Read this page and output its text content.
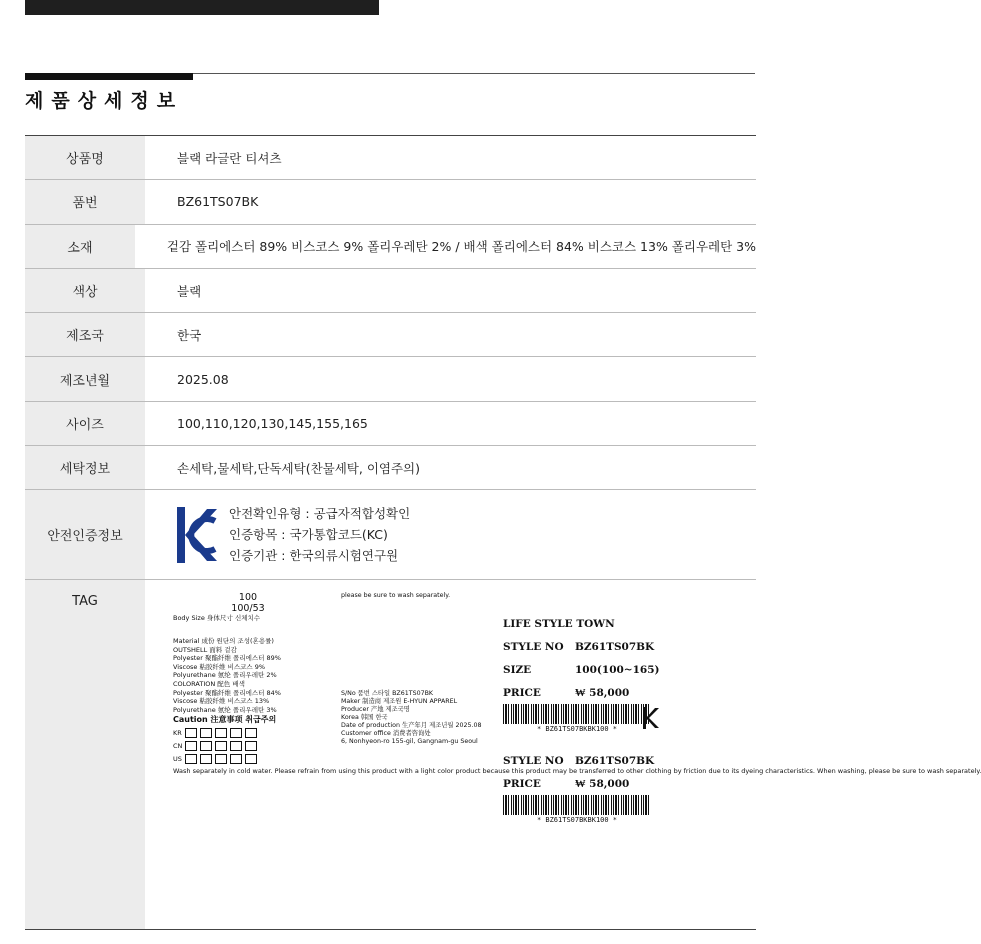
제품상세정보
상품명	블랙 라글란 티셔츠
품번	BZ61TS07BK
소재	겉감 폴리에스터 89% 비스코스 9% 폴리우레탄 2% / 배색 폴리에스터 84% 비스코스 13% 폴리우레탄 3%
색상	블랙
제조국	한국
제조년월	2025.08
사이즈	100,110,120,130,145,155,165
세탁정보	손세탁,물세탁,단독세탁(찬물세탁, 이염주의)
안전인증정보
안전확인유형 : 공급자적합성확인
인증항목 : 국가통합코드(KC)
인증기관 : 한국의류시험연구원
TAG	100
100/53
Body Size 身体尺寸 신체치수
Material 成份 원단의 조성(혼용률)
OUTSHELL 面料 겉감
Polyester 聚酯纤维 폴리에스터 89%
Viscose 粘胶纤维 비스코스 9%
Polyurethane 氨纶 폴리우레탄 2%
COLORATION 配色 배색
Polyester 聚酯纤维 폴리에스터 84%
Viscose 粘胶纤维 비스코스 13%
Polyurethane 氨纶 폴리우레탄 3%
Caution 注意事项 취급주의
KR
CN
US
Wash separately in cold water. Please refrain from using this product with a light color product because this product may be transferred to other clothing by friction due to its dyeing characteristics. When washing, please be sure to wash separately.
please be sure to wash separately.
S/No 품번 스타일 BZ61TS07BK
Maker 制造商 제조원 E-HYUN APPAREL
Producer 产地 제조국명
Korea 韩国 한국
Date of production 生产年月 제조년월 2025.08
Customer office 消费者咨询处
6, Nonhyeon-ro 155-gil, Gangnam-gu Seoul
LIFE STYLE TOWN
STYLE NO	BZ61TS07BK
SIZE	100(100~165)
PRICE	₩ 58,000
* BZ61TS07BKBK100 *
STYLE NO	BZ61TS07BK
PRICE	₩ 58,000
* BZ61TS07BKBK100 *
